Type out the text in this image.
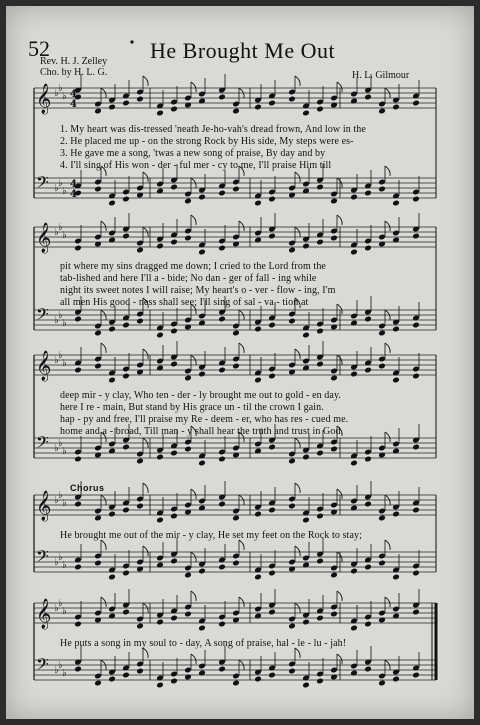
52	He Brought Me Out
Rev. H. J. Zelley
Cho. by H. L. G.	H. L. Gilmour
𝄞 ♭ ♭
♭
𝄢 ♭ ♭
♭
𝄞 ♭ ♭
♭
𝄢 ♭ ♭
♭
𝄞 ♭ ♭
♭
𝄢 ♭ ♭
♭
𝄞 ♭ ♭
♭
𝄢 ♭ ♭
♭
𝄞 ♭ ♭
♭
𝄢 ♭ ♭
♭
4
4
4
4
1. My heart was dis-tressed 'neath Je-ho-vah's dread frown, And low in the
2. He placed me up - on the strong Rock by His side, My steps were es-
3. He gave me a song, 'twas a new song of praise, By day and by
4. I'll sing of His won - der - ful mer - cy to me, I'll praise Him till
pit where my sins dragged me down; I cried to the Lord from the
tab-lished and here I'll a - bide; No dan - ger of fall - ing while
night its sweet notes I will raise; My heart's o - ver - flow - ing, I'm
all men His good - ness shall see; I'll sing of sal - va - tion at
deep mir - y clay, Who ten - der - ly brought me out to gold - en day.
here I re - main, But stand by His grace un - til the crown I gain.
hap - py and free, I'll praise my Re - deem - er, who has res - cued me.
home and a - broad, Till man - y shall hear the truth and trust in God.
Chorus
He brought me out of the mir - y clay, He set my feet on the Rock to stay;
He puts a song in my soul to - day, A song of praise, hal - le - lu - jah!
